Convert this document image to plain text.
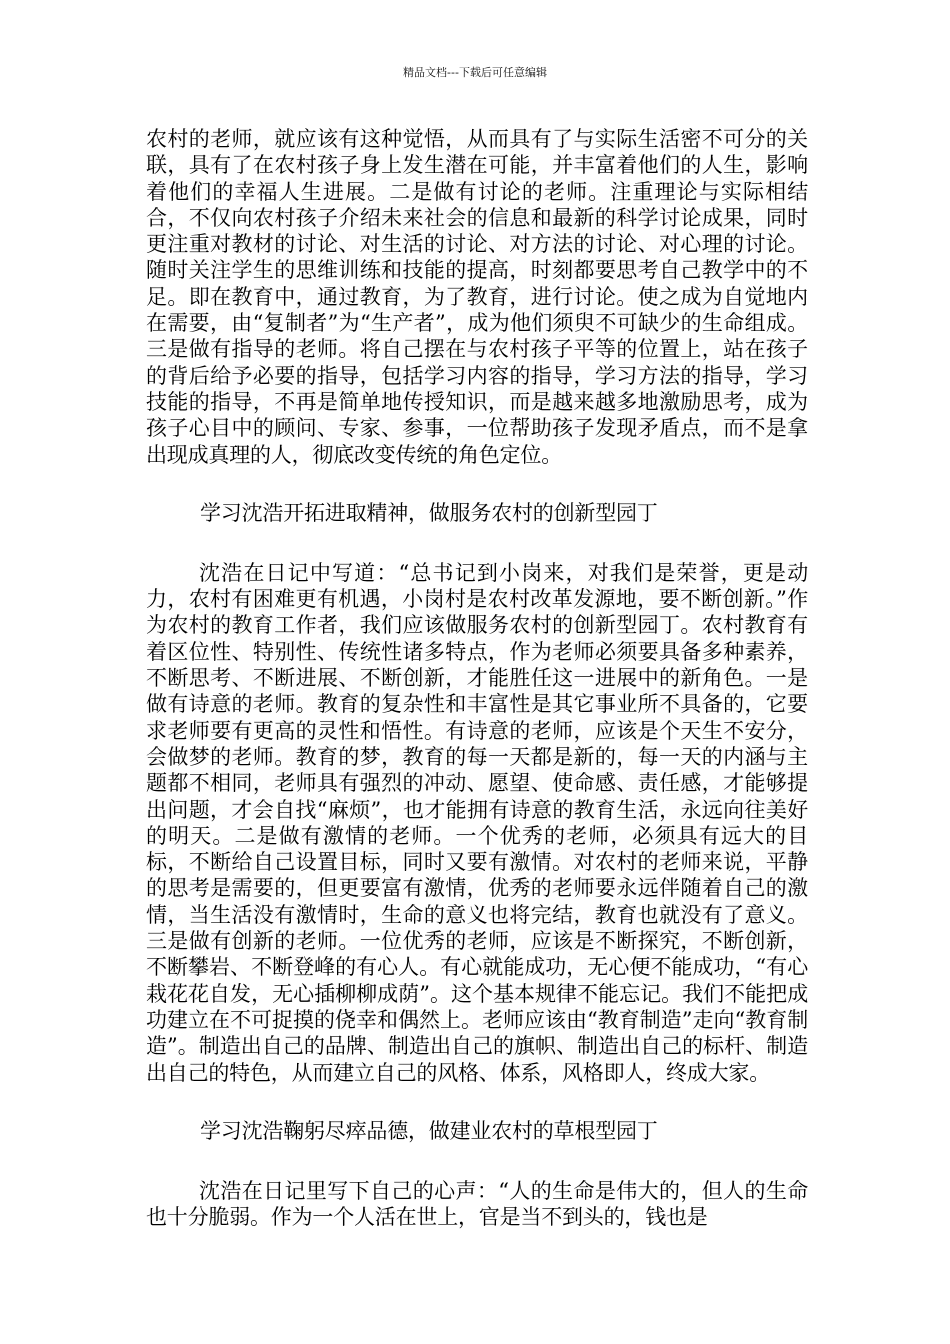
精品文档---下载后可任意编辑

农村的老师，就应该有这种觉悟，从而具有了与实际生活密不可分的关联，具有了在农村孩子身上发生潜在可能，并丰富着他们的人生，影响着他们的幸福人生进展。二是做有讨论的老师。注重理论与实际相结合，不仅向农村孩子介绍未来社会的信息和最新的科学讨论成果，同时更注重对教材的讨论、对生活的讨论、对方法的讨论、对心理的讨论。随时关注学生的思维训练和技能的提高，时刻都要思考自己教学中的不足。即在教育中，通过教育，为了教育，进行讨论。使之成为自觉地内在需要，由“复制者”为“生产者”，成为他们须臾不可缺少的生命组成。三是做有指导的老师。将自己摆在与农村孩子平等的位置上，站在孩子的背后给予必要的指导，包括学习内容的指导，学习方法的指导，学习技能的指导，不再是简单地传授知识，而是越来越多地激励思考，成为孩子心目中的顾问、专家、参事，一位帮助孩子发现矛盾点，而不是拿出现成真理的人，彻底改变传统的角色定位。

学习沈浩开拓进取精神，做服务农村的创新型园丁

沈浩在日记中写道：“总书记到小岗来，对我们是荣誉，更是动力，农村有困难更有机遇，小岗村是农村改革发源地，要不断创新。”作为农村的教育工作者，我们应该做服务农村的创新型园丁。农村教育有着区位性、特别性、传统性诸多特点，作为老师必须要具备多种素养，不断思考、不断进展、不断创新，才能胜任这一进展中的新角色。一是做有诗意的老师。教育的复杂性和丰富性是其它事业所不具备的，它要求老师要有更高的灵性和悟性。有诗意的老师，应该是个天生不安分，会做梦的老师。教育的梦，教育的每一天都是新的，每一天的内涵与主题都不相同，老师具有强烈的冲动、愿望、使命感、责任感，才能够提出问题，才会自找“麻烦”，也才能拥有诗意的教育生活，永远向往美好的明天。二是做有激情的老师。一个优秀的老师，必须具有远大的目标，不断给自己设置目标，同时又要有激情。对农村的老师来说，平静的思考是需要的，但更要富有激情，优秀的老师要永远伴随着自己的激情，当生活没有激情时，生命的意义也将完结，教育也就没有了意义。三是做有创新的老师。一位优秀的老师，应该是不断探究，不断创新，不断攀岩、不断登峰的有心人。有心就能成功，无心便不能成功，“有心栽花花自发，无心插柳柳成荫”。这个基本规律不能忘记。我们不能把成功建立在不可捉摸的侥幸和偶然上。老师应该由“教育制造”走向“教育制造”。制造出自己的品牌、制造出自己的旗帜、制造出自己的标杆、制造出自己的特色，从而建立自己的风格、体系，风格即人，终成大家。

学习沈浩鞠躬尽瘁品德，做建业农村的草根型园丁

沈浩在日记里写下自己的心声：“人的生命是伟大的，但人的生命也十分脆弱。作为一个人活在世上，官是当不到头的，钱也是
